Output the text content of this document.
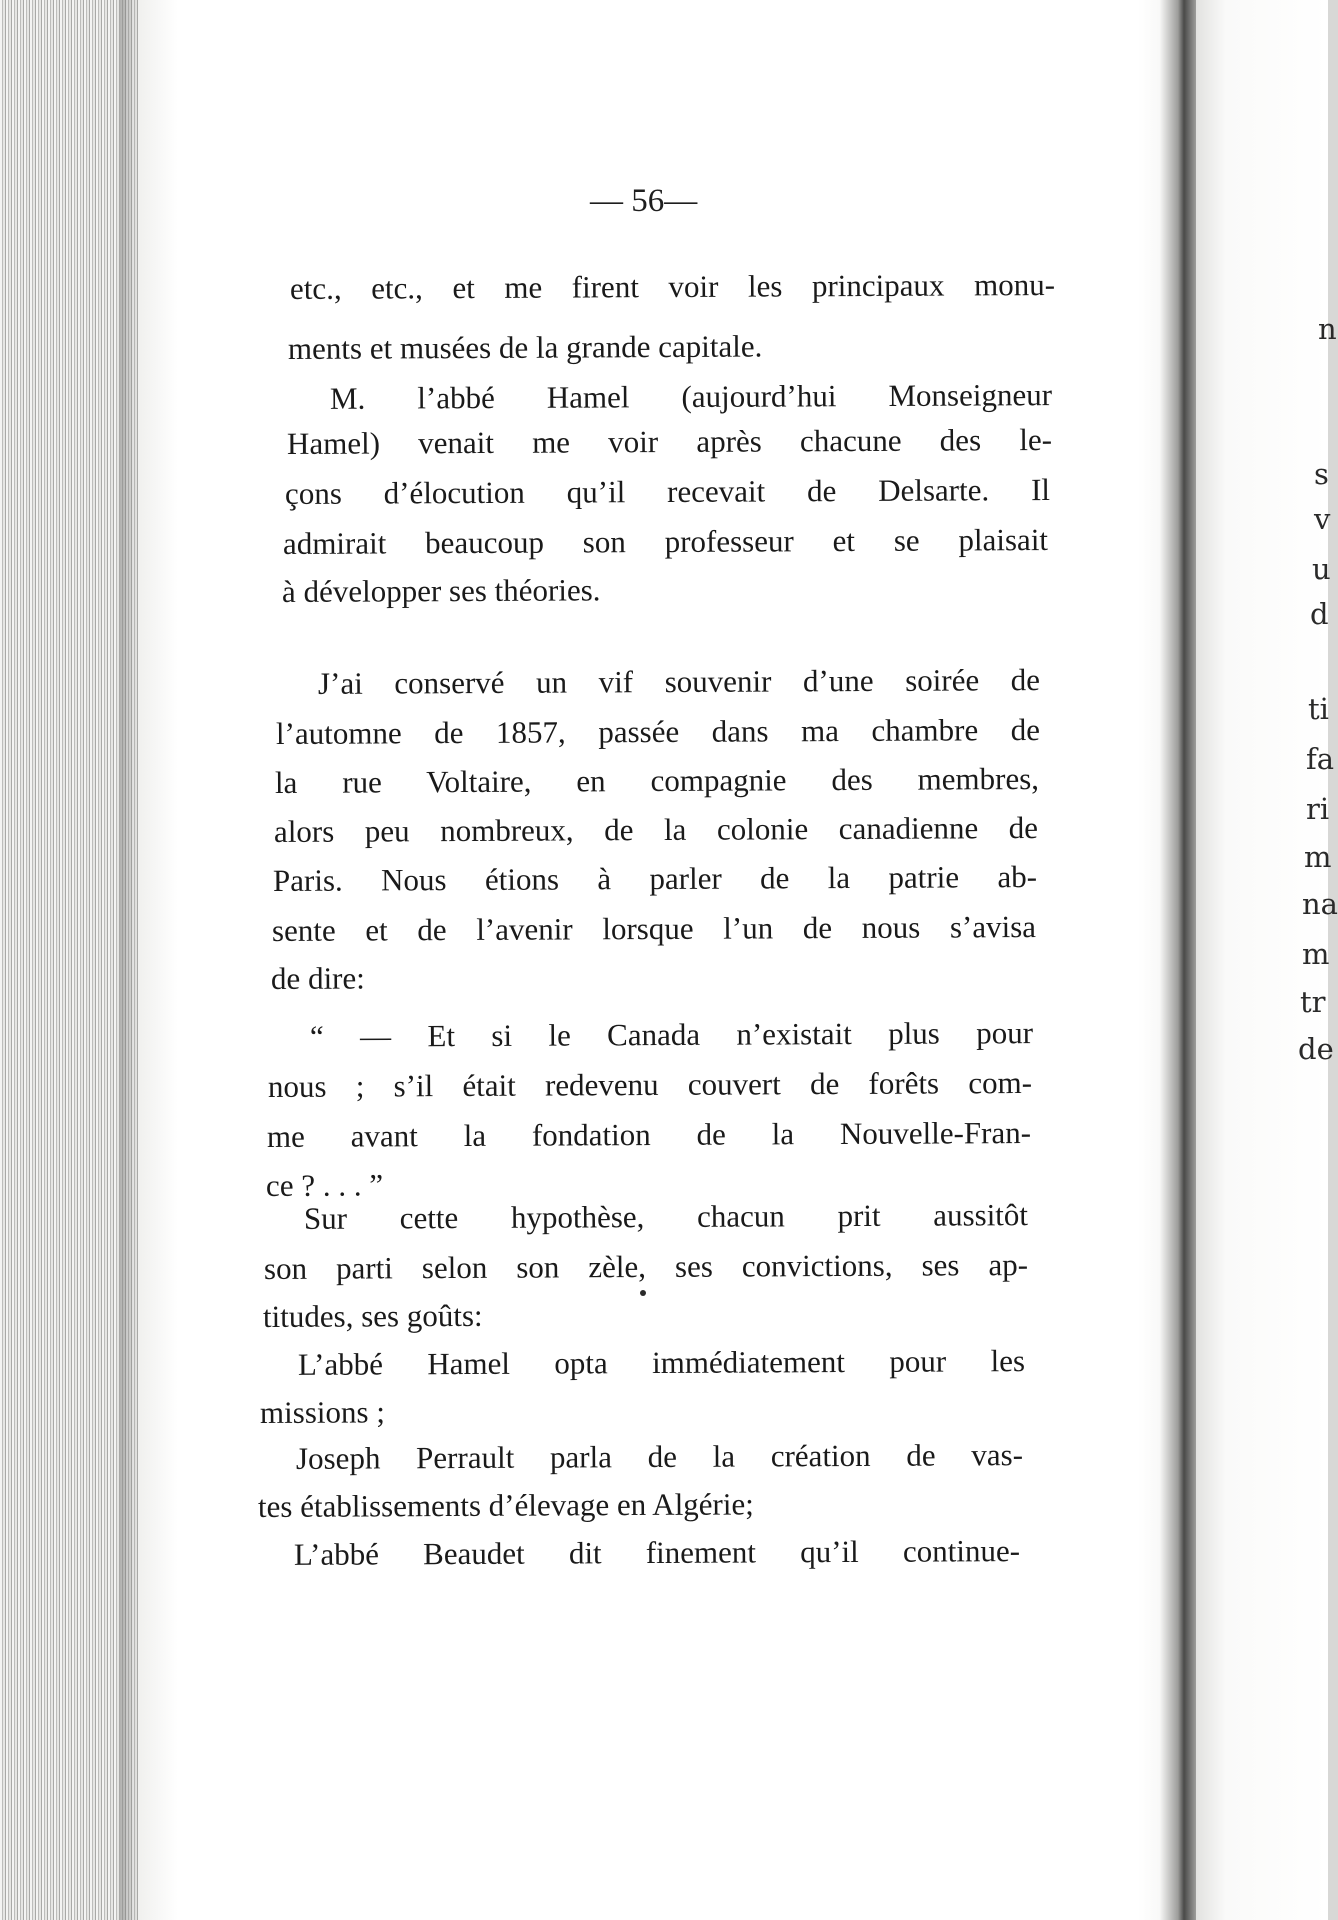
— 56—
etc., etc., et me firent voir les principaux monu-
ments et musées de la grande capitale.
M. l’abbé Hamel (aujourd’hui Monseigneur
Hamel) venait me voir après chacune des le-
çons d’élocution qu’il recevait de Delsarte. Il
admirait beaucoup son professeur et se plaisait
à développer ses théories.
J’ai conservé un vif souvenir d’une soirée de
l’automne de 1857, passée dans ma chambre de
la rue Voltaire, en compagnie des membres,
alors peu nombreux, de la colonie canadienne de
Paris. Nous étions à parler de la patrie ab-
sente et de l’avenir lorsque l’un de nous s’avisa
de dire:
“ — Et si le Canada n’existait plus pour
nous ; s’il était redevenu couvert de forêts com-
me avant la fondation de la Nouvelle-Fran-
ce ? . . . ”
Sur cette hypothèse, chacun prit aussitôt
son parti selon son zèle, ses convictions, ses ap-
titudes, ses goûts:
L’abbé Hamel opta immédiatement pour les
missions ;
Joseph Perrault parla de la création de vas-
tes établissements d’élevage en Algérie;
L’abbé Beaudet dit finement qu’il continue-
n
s
v
u
d
ti
fa
ri
m
na
m
tr
de
